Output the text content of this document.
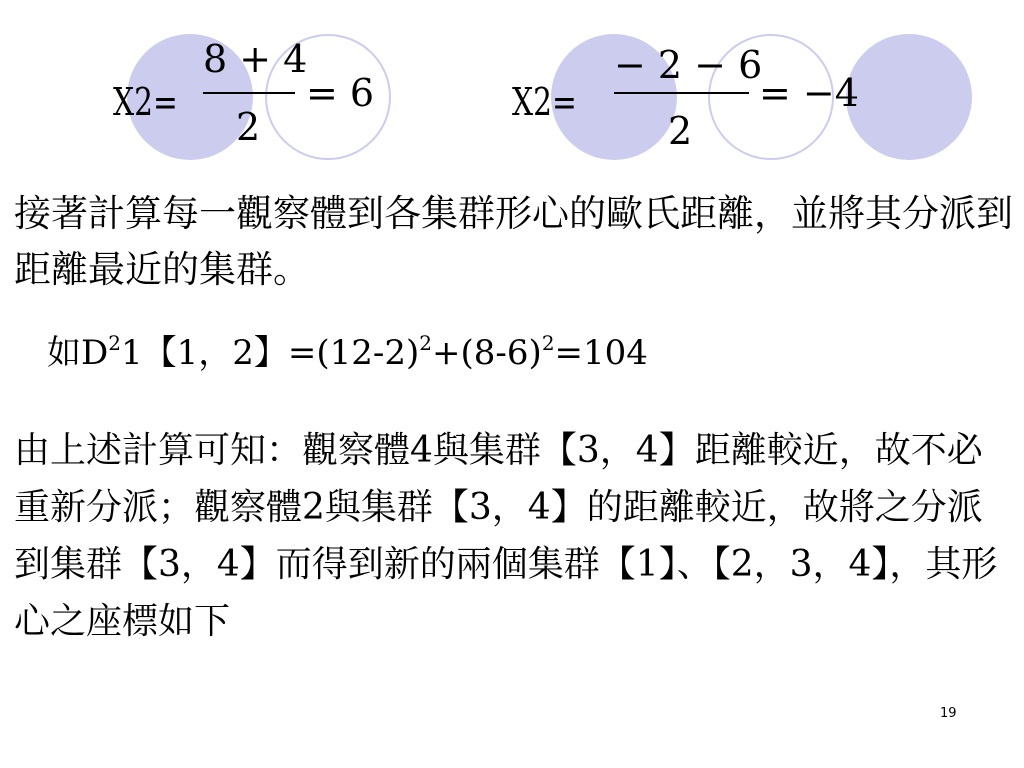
X2=
8 + 4
2
= 6	X2=
− 2 − 6
2
= −4
接著計算每一觀察體到各集群形心的歐氏距離，並將其分派到距離最近的集群。
如$D^21$【1，2】$=(12-2)^2+(8-6)^2=104$
由上述計算可知：觀察體4與集群【3，4】距離較近，故不必重新分派；觀察體2與集群【3，4】的距離較近，故將之分派到集群【3，4】而得到新的兩個集群【1】、【2，3，4】，其形心之座標如下
19
